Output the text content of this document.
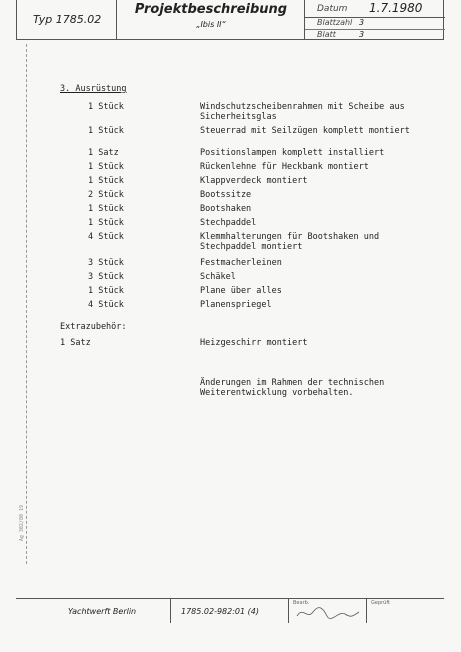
Typ 1785.02
Projektbeschreibung
„Ibis II“
Datum 1.7.1980
Blattzahl 3
Blatt	3
Ag 302/80 19
3. Ausrüstung
1 Stück	Windschutzscheibenrahmen mit Scheibe aus Sicherheitsglas
1 Stück	Steuerrad mit Seilzügen komplett montiert
1 Satz	Positionslampen komplett installiert
1 Stück	Rückenlehne für Heckbank montiert
1 Stück	Klappverdeck montiert
2 Stück	Bootssitze
1 Stück	Bootshaken
1 Stück	Stechpaddel
4 Stück	Klemmhalterungen für Bootshaken und Stechpaddel montiert
3 Stück	Festmacherleinen
3 Stück	Schäkel
1 Stück	Plane über alles
4 Stück	Planenspriegel
Extrazubehör:
1 Satz	Heizgeschirr montiert
Änderungen im Rahmen der technischen Weiterentwicklung vorbehalten.
Yachtwerft Berlin	1785.02-982:01 (4)
Bearb.	Geprüft
